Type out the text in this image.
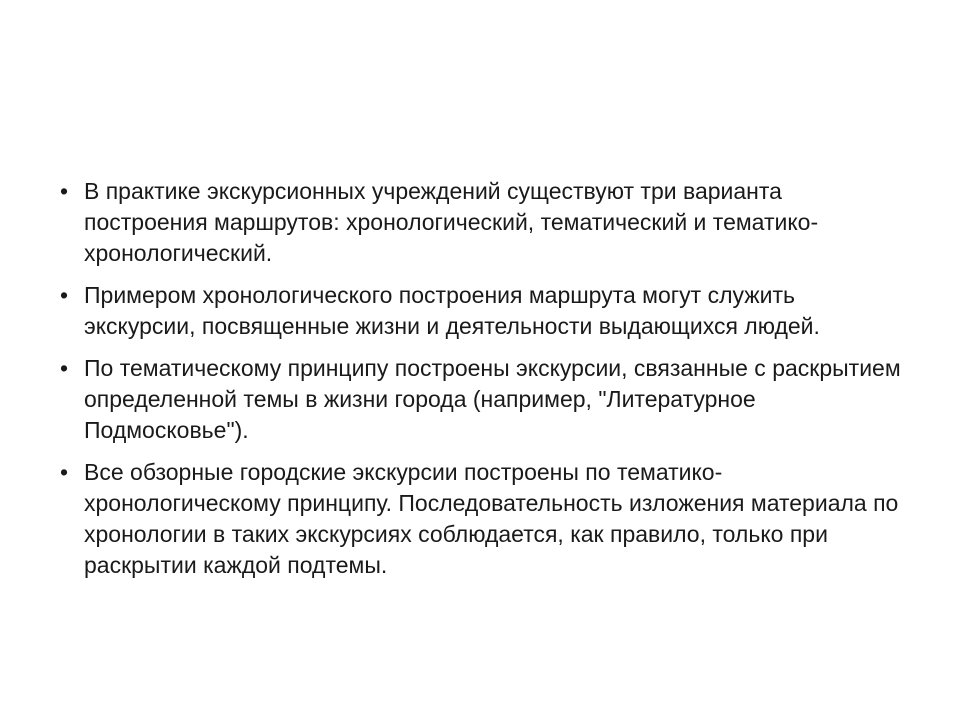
• В практике экскурсионных учреждений существуют три варианта построения маршрутов: хронологический, тематический и тематико-хронологический.
• Примером хронологического построения маршрута могут служить экскурсии, посвященные жизни и деятельности выдающихся людей.
• По тематическому принципу построены экскурсии, связанные с раскрытием определенной темы в жизни города (например, "Литературное Подмосковье").
• Все обзорные городские экскурсии построены по тематико-хронологическому принципу. Последовательность изложения материала по хронологии в таких экскурсиях соблюдается, как правило, только при раскрытии каждой подтемы.
